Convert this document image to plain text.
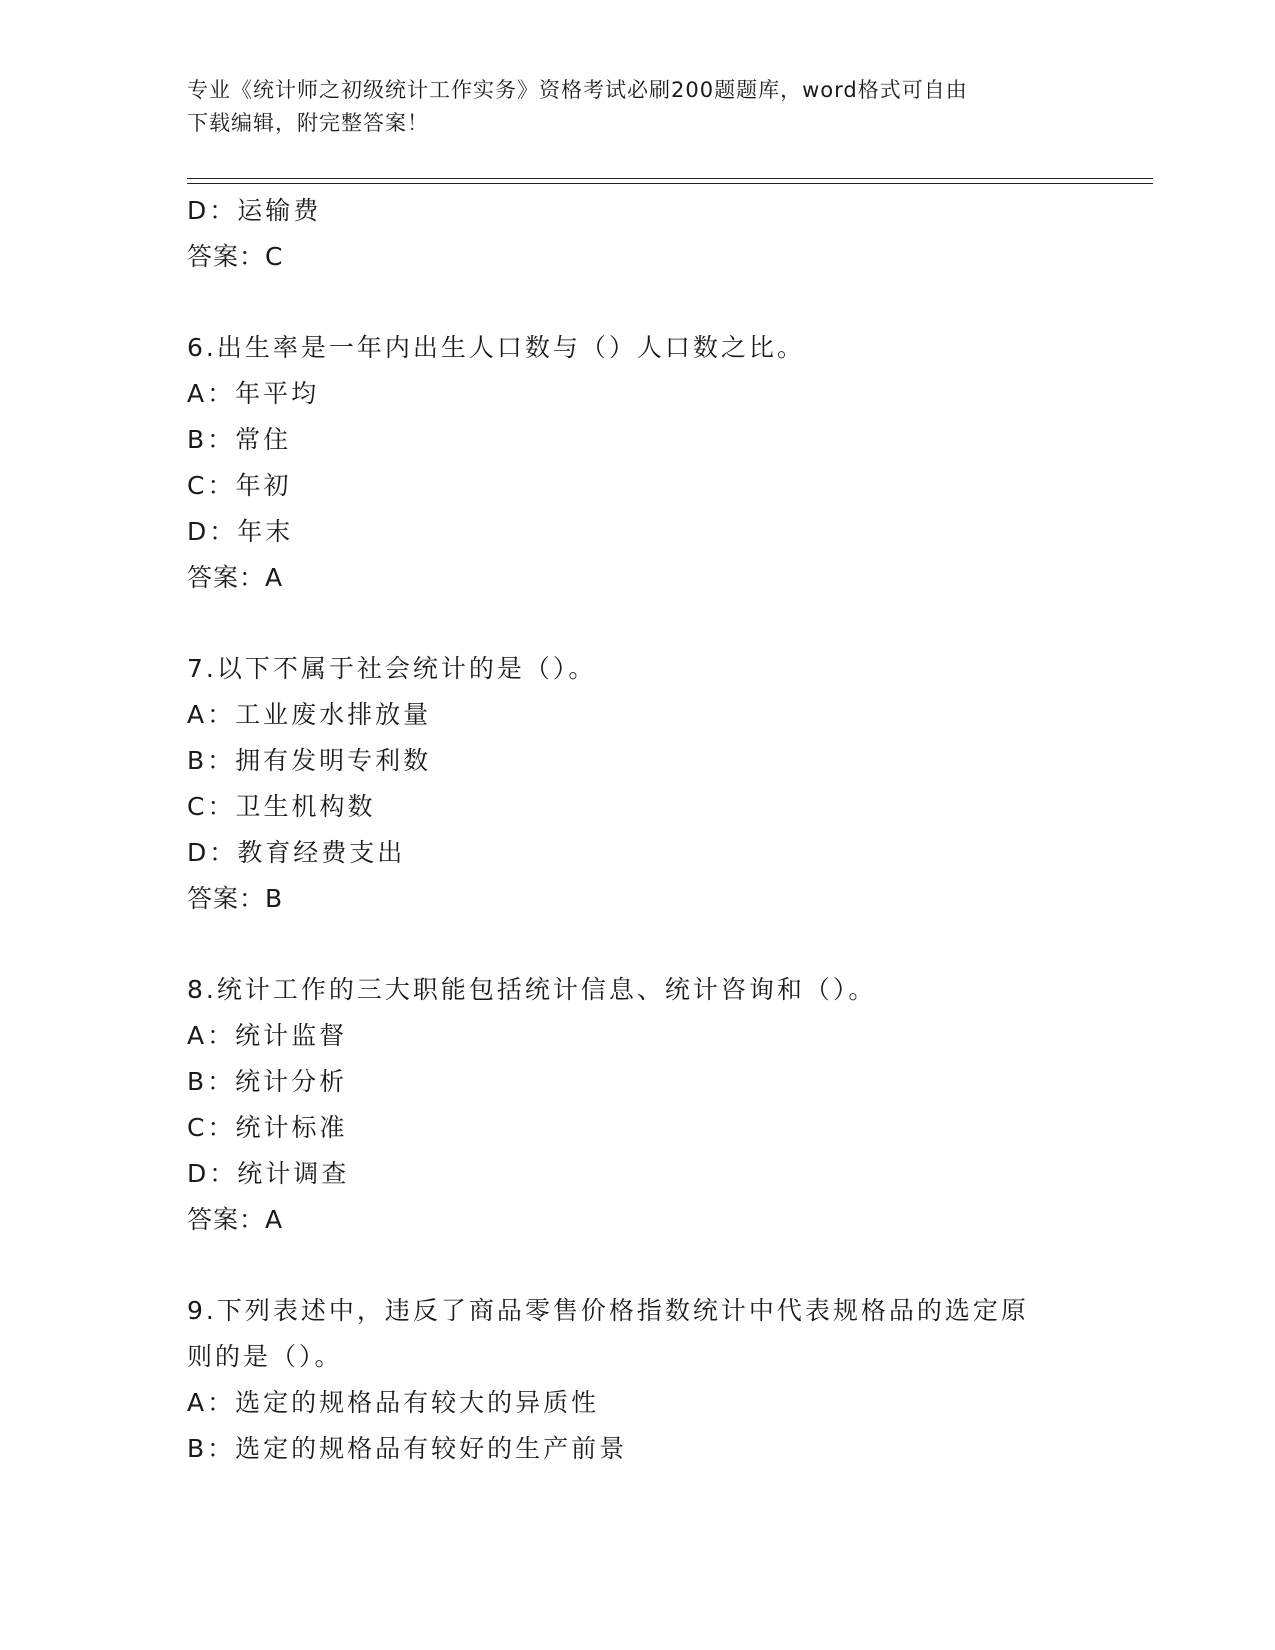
专业《统计师之初级统计工作实务》资格考试必刷200题题库，word格式可自由
下载编辑，附完整答案！
D：运输费
答案：C
6.出生率是一年内出生人口数与（）人口数之比。
A：年平均
B：常住
C：年初
D：年末
答案：A
7.以下不属于社会统计的是（）。
A：工业废水排放量
B：拥有发明专利数
C：卫生机构数
D：教育经费支出
答案：B
8.统计工作的三大职能包括统计信息、统计咨询和（）。
A：统计监督
B：统计分析
C：统计标准
D：统计调查
答案：A
9.下列表述中，违反了商品零售价格指数统计中代表规格品的选定原
则的是（）。
A：选定的规格品有较大的异质性
B：选定的规格品有较好的生产前景
